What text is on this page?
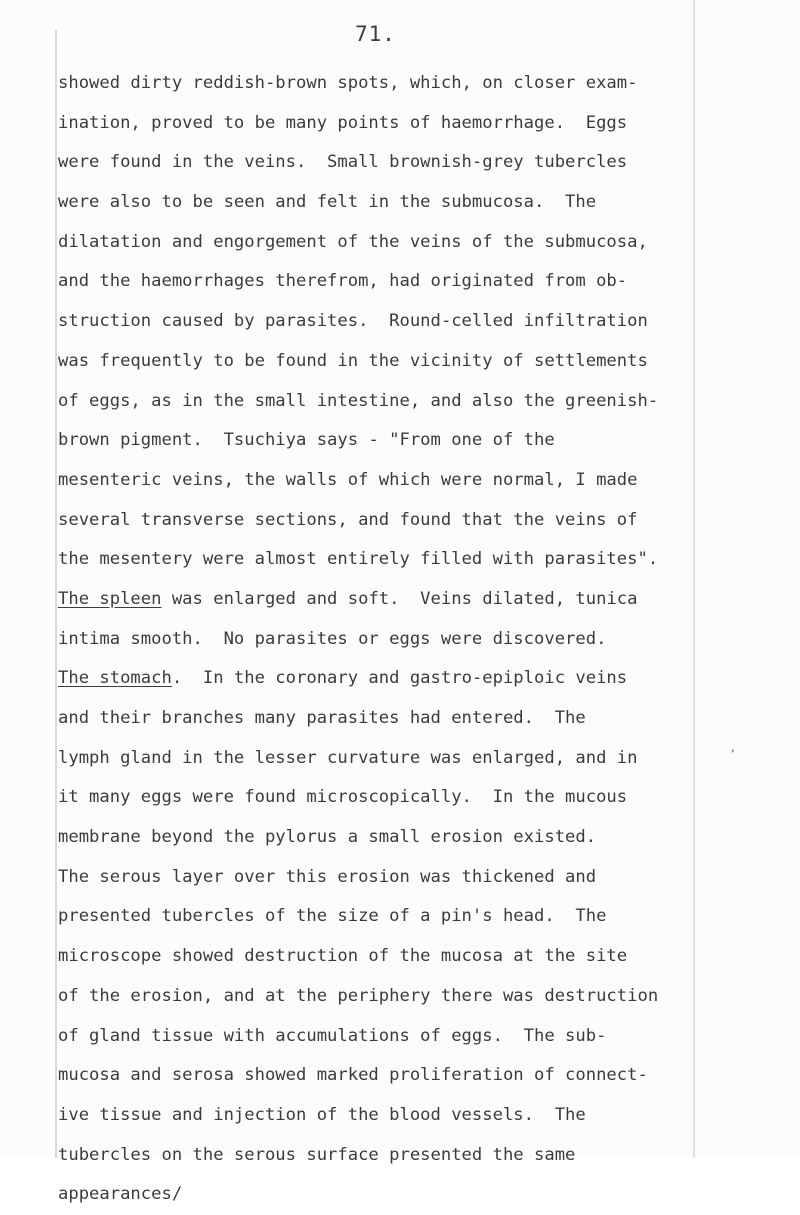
71.
showed dirty reddish-brown spots, which, on closer exam-
ination, proved to be many points of haemorrhage.  Eggs
were found in the veins.  Small brownish-grey tubercles
were also to be seen and felt in the submucosa.  The
dilatation and engorgement of the veins of the submucosa,
and the haemorrhages therefrom, had originated from ob-
struction caused by parasites.  Round-celled infiltration
was frequently to be found in the vicinity of settlements
of eggs, as in the small intestine, and also the greenish-
brown pigment.  Tsuchiya says - "From one of the
mesenteric veins, the walls of which were normal, I made
several transverse sections, and found that the veins of
the mesentery were almost entirely filled with parasites".
The spleen was enlarged and soft.  Veins dilated, tunica
intima smooth.  No parasites or eggs were discovered.
The stomach.  In the coronary and gastro-epiploic veins
and their branches many parasites had entered.  The
lymph gland in the lesser curvature was enlarged, and in
it many eggs were found microscopically.  In the mucous
membrane beyond the pylorus a small erosion existed.
The serous layer over this erosion was thickened and
presented tubercles of the size of a pin's head.  The
microscope showed destruction of the mucosa at the site
of the erosion, and at the periphery there was destruction
of gland tissue with accumulations of eggs.  The sub-
mucosa and serosa showed marked proliferation of connect-
ive tissue and injection of the blood vessels.  The
tubercles on the serous surface presented the same
appearances/
,
